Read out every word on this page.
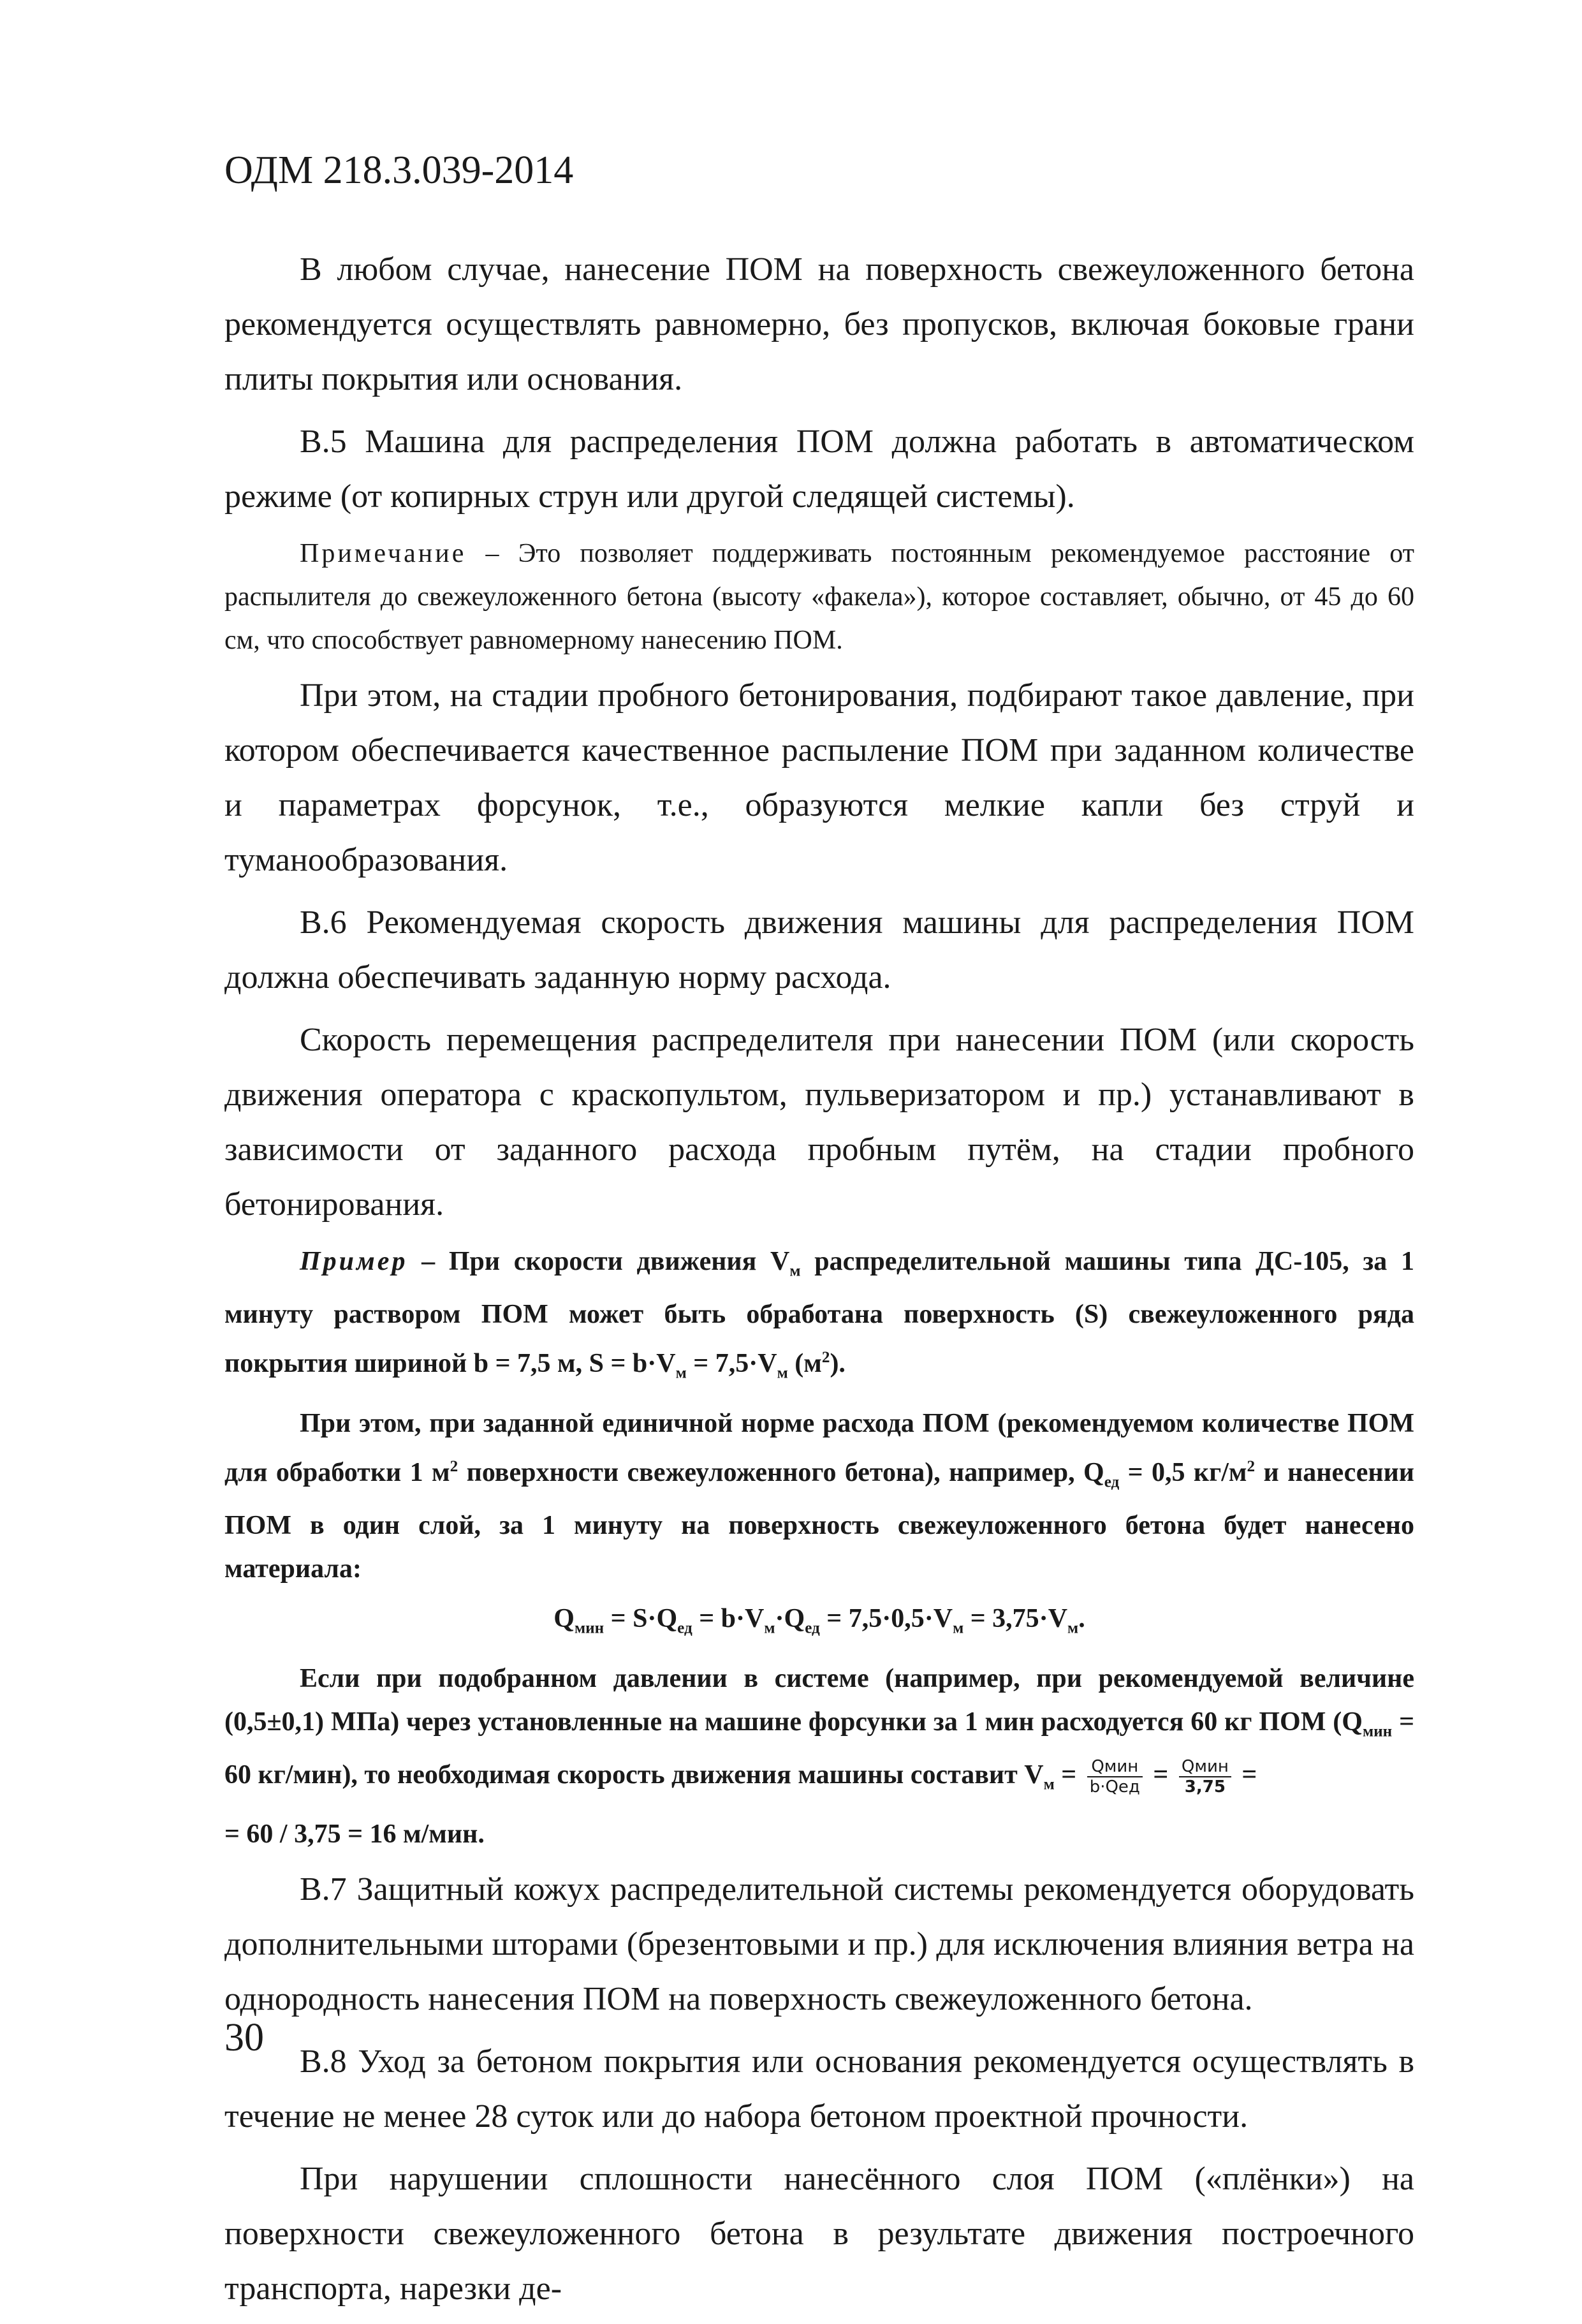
ОДМ 218.3.039-2014

В любом случае, нанесение ПОМ на поверхность свежеуложенного бетона рекомендуется осуществлять равномерно, без пропусков, включая боковые грани плиты покрытия или основания.

В.5 Машина для распределения ПОМ должна работать в автоматическом режиме (от копирных струн или другой следящей системы).

Примечание – Это позволяет поддерживать постоянным рекомендуемое расстояние от распылителя до свежеуложенного бетона (высоту «факела»), которое составляет, обычно, от 45 до 60 см, что способствует равномерному нанесению ПОМ.

При этом, на стадии пробного бетонирования, подбирают такое давление, при котором обеспечивается качественное распыление ПОМ при заданном количестве и параметрах форсунок, т.е., образуются мелкие капли без струй и туманообразования.

В.6 Рекомендуемая скорость движения машины для распределения ПОМ должна обеспечивать заданную норму расхода.

Скорость перемещения распределителя при нанесении ПОМ (или скорость движения оператора с краскопультом, пульверизатором и пр.) устанавливают в зависимости от заданного расхода пробным путём, на стадии пробного бетонирования.

Пример – При скорости движения $V_м$ распределительной машины типа ДС-105, за 1 минуту раствором ПОМ может быть обработана поверхность (S) свежеуложенного ряда покрытия шириной b = 7,5 м, $S = b\cdot V_м = 7,5\cdot V_м$ $(м^2)$.

При этом, при заданной единичной норме расхода ПОМ (рекомендуемом количестве ПОМ для обработки 1 $м^2$ поверхности свежеуложенного бетона), например, $Q_{ед} = 0,5$ $кг/м^2$ и нанесении ПОМ в один слой, за 1 минуту на поверхность свежеуложенного бетона будет нанесено материала:

$Q_{мин} = S\cdot Q_{ед} = b\cdot V_м\cdot Q_{ед} = 7,5\cdot 0,5\cdot V_м = 3,75\cdot V_м$.

Если при подобранном давлении в системе (например, при рекомендуемой величине (0,5±0,1) МПа) через установленные на машине форсунки за 1 мин расходуется 60 кг ПОМ ($Q_{мин} = 60$ кг/мин), то необходимая скорость движения машины составит $V_м = \frac{\text{Qмин}}{\text{b·Qед}} = \frac{\text{Qмин}}{3,75}$ =

= 60 / 3,75 = 16 м/мин.

В.7 Защитный кожух распределительной системы рекомендуется оборудовать дополнительными шторами (брезентовыми и пр.) для исключения влияния ветра на однородность нанесения ПОМ на поверхность свежеуложенного бетона.

В.8 Уход за бетоном покрытия или основания рекомендуется осуществлять в течение не менее 28 суток или до набора бетоном проектной прочности.

При нарушении сплошности нанесённого слоя ПОМ («плёнки») на поверхности свежеуложенного бетона в результате движения построечного транспорта, нарезки де-

30
